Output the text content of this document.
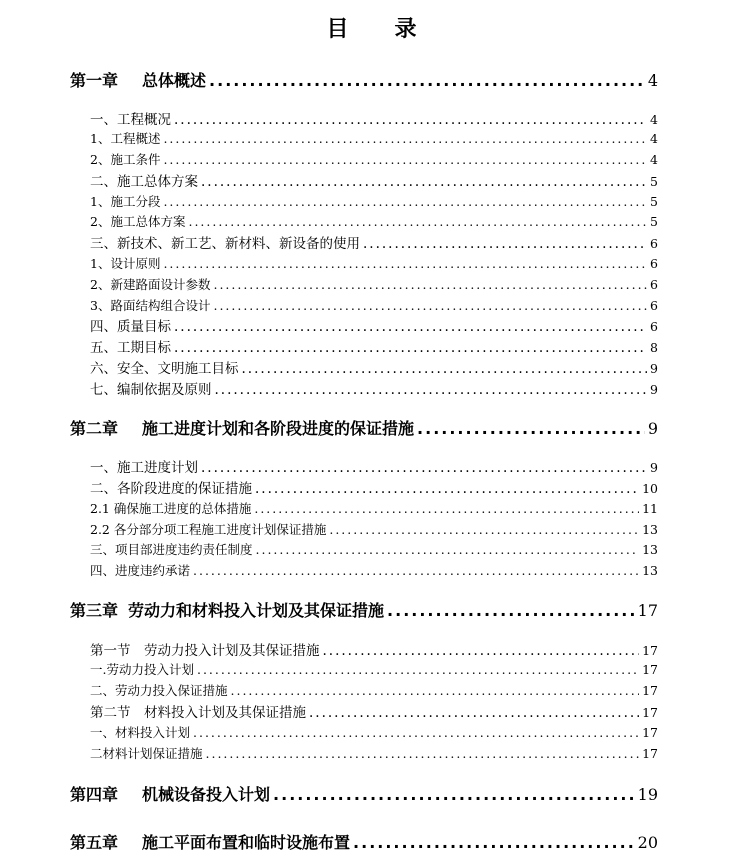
目 录
第一章 总体概述 .....	4
一、工程概况 .....	4
1、工程概述 .....	4
2、施工条件 .....	4
二、施工总体方案 .....	5
1、施工分段 .....	5
2、施工总体方案 .....	5
三、新技术、新工艺、新材料、新设备的使用 .....	6
1、设计原则 .....	6
2、新建路面设计参数 .....	6
3、路面结构组合设计 .....	6
四、质量目标 .....	6
五、工期目标 .....	8
六、安全、文明施工目标 .....	9
七、编制依据及原则 .....	9
第二章 施工进度计划和各阶段进度的保证措施 .....	9
一、施工进度计划 .....	9
二、各阶段进度的保证措施 .....	10
2.1 确保施工进度的总体措施 .....	11
2.2 各分部分项工程施工进度计划保证措施 .....	13
三、项目部进度违约责任制度 .....	13
四、进度违约承诺 .....	13
第三章 劳动力和材料投入计划及其保证措施 .....	17
第一节　劳动力投入计划及其保证措施 .....	17
一.劳动力投入计划 .....	17
二、劳动力投入保证措施 .....	17
第二节　材料投入计划及其保证措施 .....	17
一、材料投入计划 .....	17
二材料计划保证措施 .....	17
第四章 机械设备投入计划 .....	19
第五章 施工平面布置和临时设施布置 .....	20
